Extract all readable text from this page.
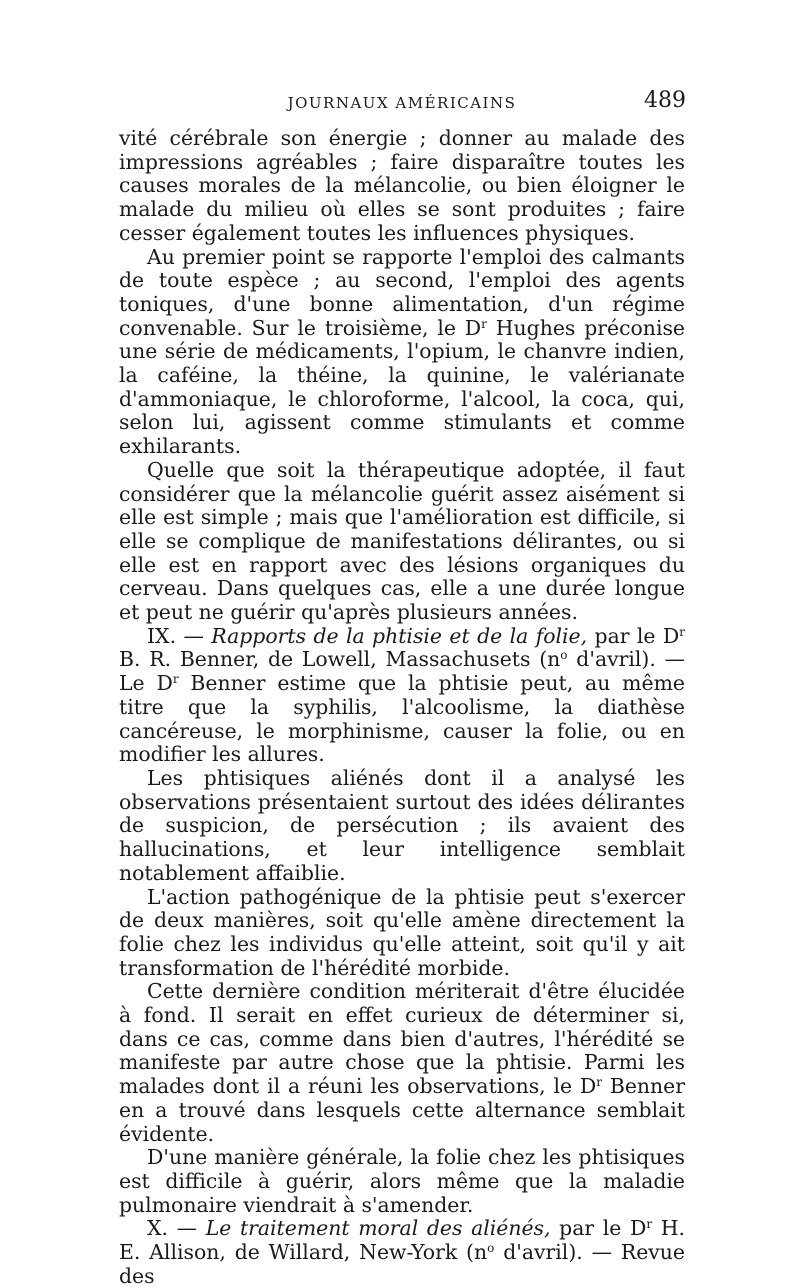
JOURNAUX AMÉRICAINS	489

vité cérébrale son énergie ; donner au malade des impressions agréables ; faire disparaître toutes les causes morales de la mélancolie, ou bien éloigner le malade du milieu où elles se sont produites ; faire cesser également toutes les influences physiques.

Au premier point se rapporte l'emploi des calmants de toute espèce ; au second, l'emploi des agents toniques, d'une bonne alimentation, d'un régime convenable. Sur le troisième, le $D^r$ Hughes préconise une série de médicaments, l'opium, le chanvre indien, la caféine, la théine, la quinine, le valérianate d'ammoniaque, le chloroforme, l'alcool, la coca, qui, selon lui, agissent comme stimulants et comme exhilarants.

Quelle que soit la thérapeutique adoptée, il faut considérer que la mélancolie guérit assez aisément si elle est simple ; mais que l'amélioration est difficile, si elle se complique de manifestations délirantes, ou si elle est en rapport avec des lésions organiques du cerveau. Dans quelques cas, elle a une durée longue et peut ne guérir qu'après plusieurs années.

IX. — Rapports de la phtisie et de la folie, par le $D^r$ B. R. Benner, de Lowell, Massachusets ($n^o$ d'avril). — Le $D^r$ Benner estime que la phtisie peut, au même titre que la syphilis, l'alcoolisme, la diathèse cancéreuse, le morphinisme, causer la folie, ou en modifier les allures.

Les phtisiques aliénés dont il a analysé les observations présentaient surtout des idées délirantes de suspicion, de persécution ; ils avaient des hallucinations, et leur intelligence semblait notablement affaiblie.

L'action pathogénique de la phtisie peut s'exercer de deux manières, soit qu'elle amène directement la folie chez les individus qu'elle atteint, soit qu'il y ait transformation de l'hérédité morbide.

Cette dernière condition mériterait d'être élucidée à fond. Il serait en effet curieux de déterminer si, dans ce cas, comme dans bien d'autres, l'hérédité se manifeste par autre chose que la phtisie. Parmi les malades dont il a réuni les observations, le $D^r$ Benner en a trouvé dans lesquels cette alternance semblait évidente.

D'une manière générale, la folie chez les phtisiques est difficile à guérir, alors même que la maladie pulmonaire viendrait à s'amender.

X. — Le traitement moral des aliénés, par le $D^r$ H. E. Allison, de Willard, New-York ($n^o$ d'avril). — Revue des
